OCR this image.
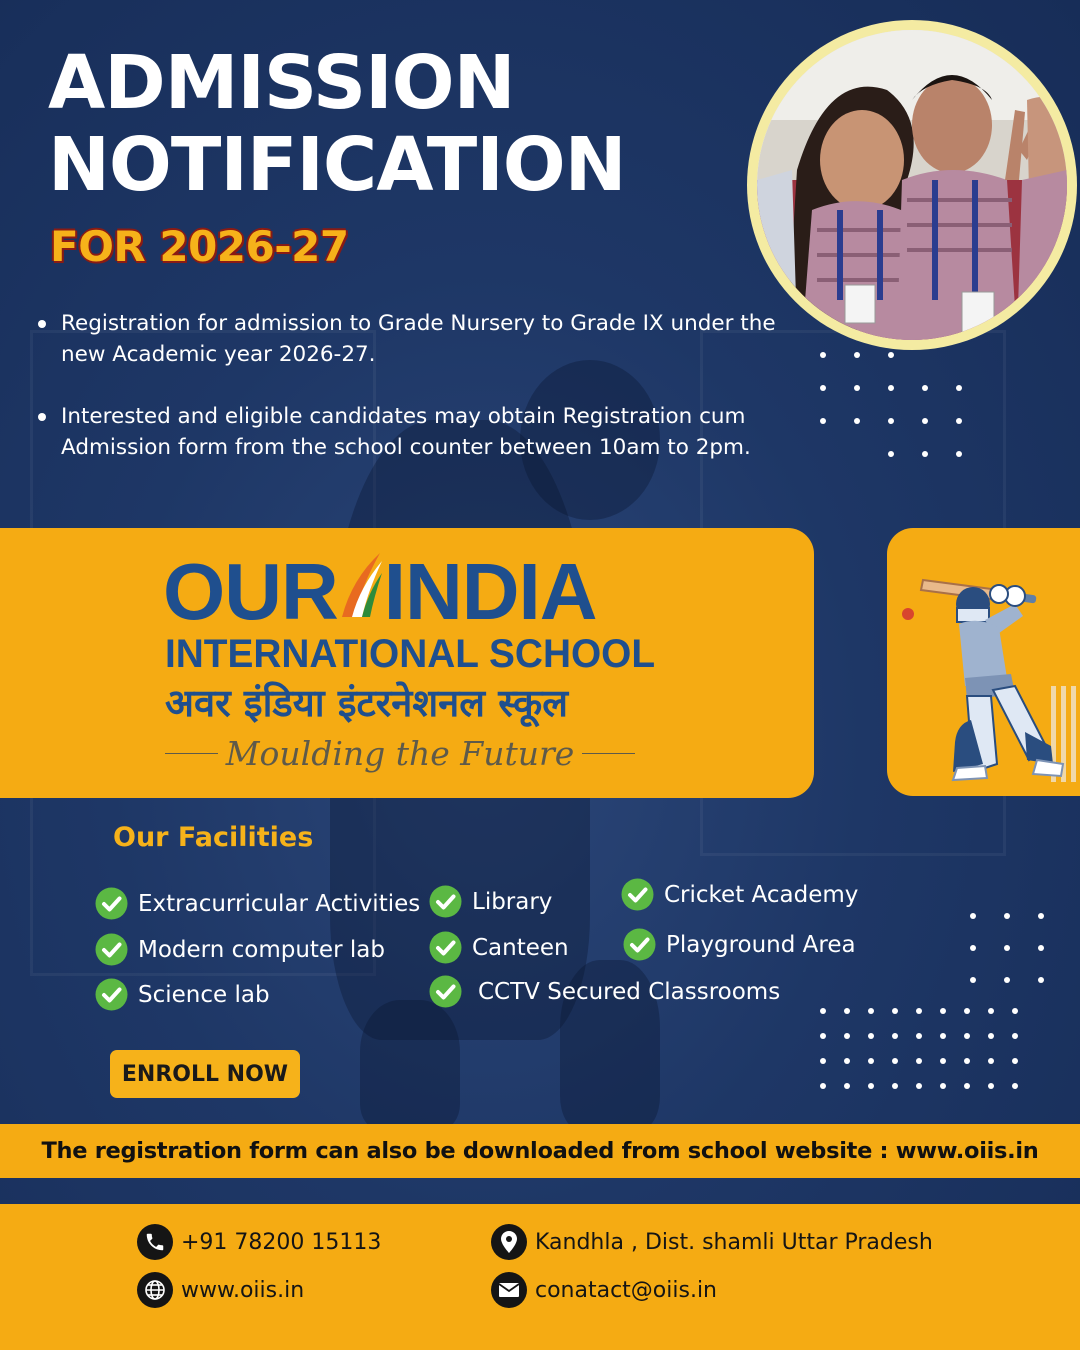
ADMISSION
NOTIFICATION
FOR 2026-27
Registration for admission to Grade Nursery to Grade IX under the new Academic year 2026-27.
Interested and eligible candidates may obtain Registration cum Admission form from the school counter between 10am to 2pm.

OUR INDIA

INTERNATIONAL SCHOOL

अवर इंडिया इंटरनेशनल स्कूल

Moulding the Future
Our Facilities
Extracurricular Activities Library	Cricket Academy
Modern computer lab	Canteen	Playground Area
Science lab	CCTV Secured Classrooms
ENROLL NOW
The registration form can also be downloaded from school website : www.oiis.in
+91 78200 15113
www.oiis.in
Kandhla , Dist. shamli Uttar Pradesh
conatact@oiis.in
